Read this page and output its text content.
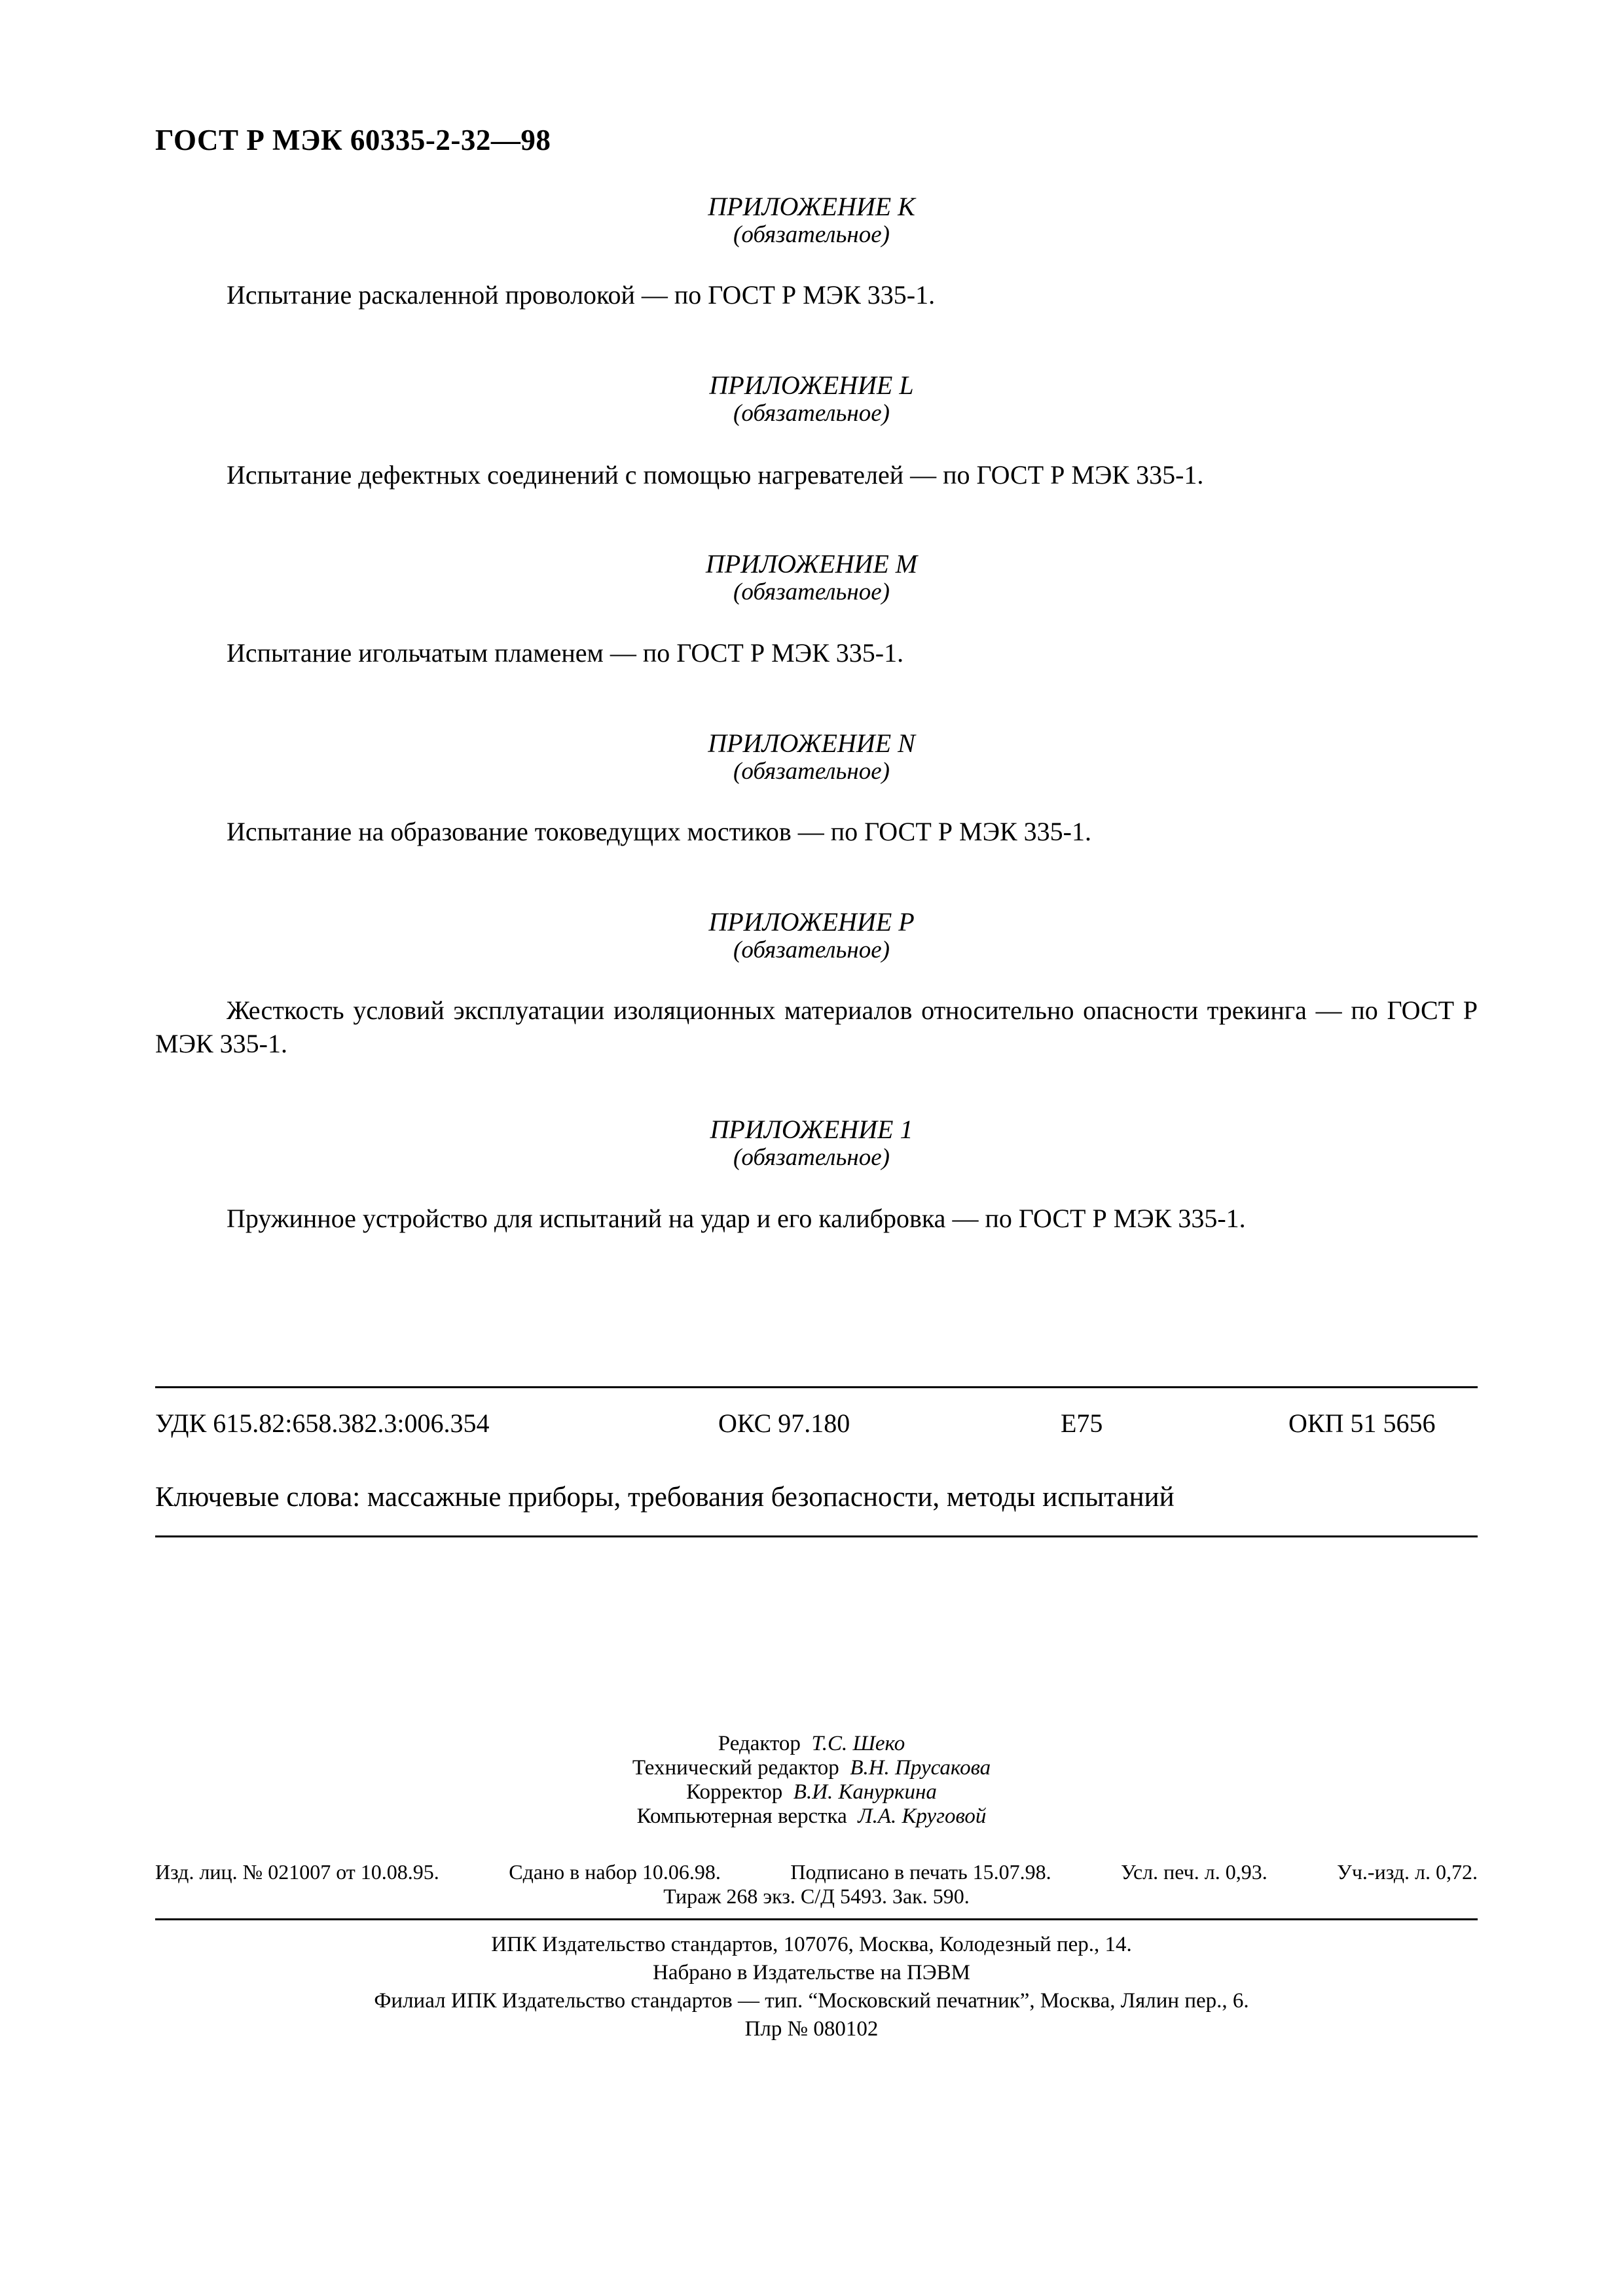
ГОСТ Р МЭК 60335-2-32—98
ПРИЛОЖЕНИЕ К
(обязательное)
Испытание раскаленной проволокой — по ГОСТ Р МЭК 335-1.
ПРИЛОЖЕНИЕ L
(обязательное)
Испытание дефектных соединений с помощью нагревателей — по ГОСТ Р МЭК 335-1.
ПРИЛОЖЕНИЕ М
(обязательное)
Испытание игольчатым пламенем — по ГОСТ Р МЭК 335-1.
ПРИЛОЖЕНИЕ N
(обязательное)
Испытание на образование токоведущих мостиков — по ГОСТ Р МЭК 335-1.
ПРИЛОЖЕНИЕ Р
(обязательное)
Жесткость условий эксплуатации изоляционных материалов относительно опасности трекинга — по ГОСТ Р МЭК 335-1.
ПРИЛОЖЕНИЕ 1
(обязательное)
Пружинное устройство для испытаний на удар и его калибровка — по ГОСТ Р МЭК 335-1.
УДК 615.82:658.382.3:006.354	ОКС 97.180	Е75	ОКП 51 5656
Ключевые слова: массажные приборы, требования безопасности, методы испытаний
Редактор Т.С. Шеко
Технический редактор В.Н. Прусакова
Корректор В.И. Кануркина
Компьютерная верстка Л.А. Круговой
Изд. лиц. № 021007 от 10.08.95.	Сдано в набор 10.06.98.	Подписано в печать 15.07.98.	Усл. печ. л. 0,93.	Уч.-изд. л. 0,72.
Тираж 268 экз. С/Д 5493. Зак. 590.
ИПК Издательство стандартов, 107076, Москва, Колодезный пер., 14.
Набрано в Издательстве на ПЭВМ
Филиал ИПК Издательство стандартов — тип. “Московский печатник”, Москва, Лялин пер., 6.
Плр № 080102
